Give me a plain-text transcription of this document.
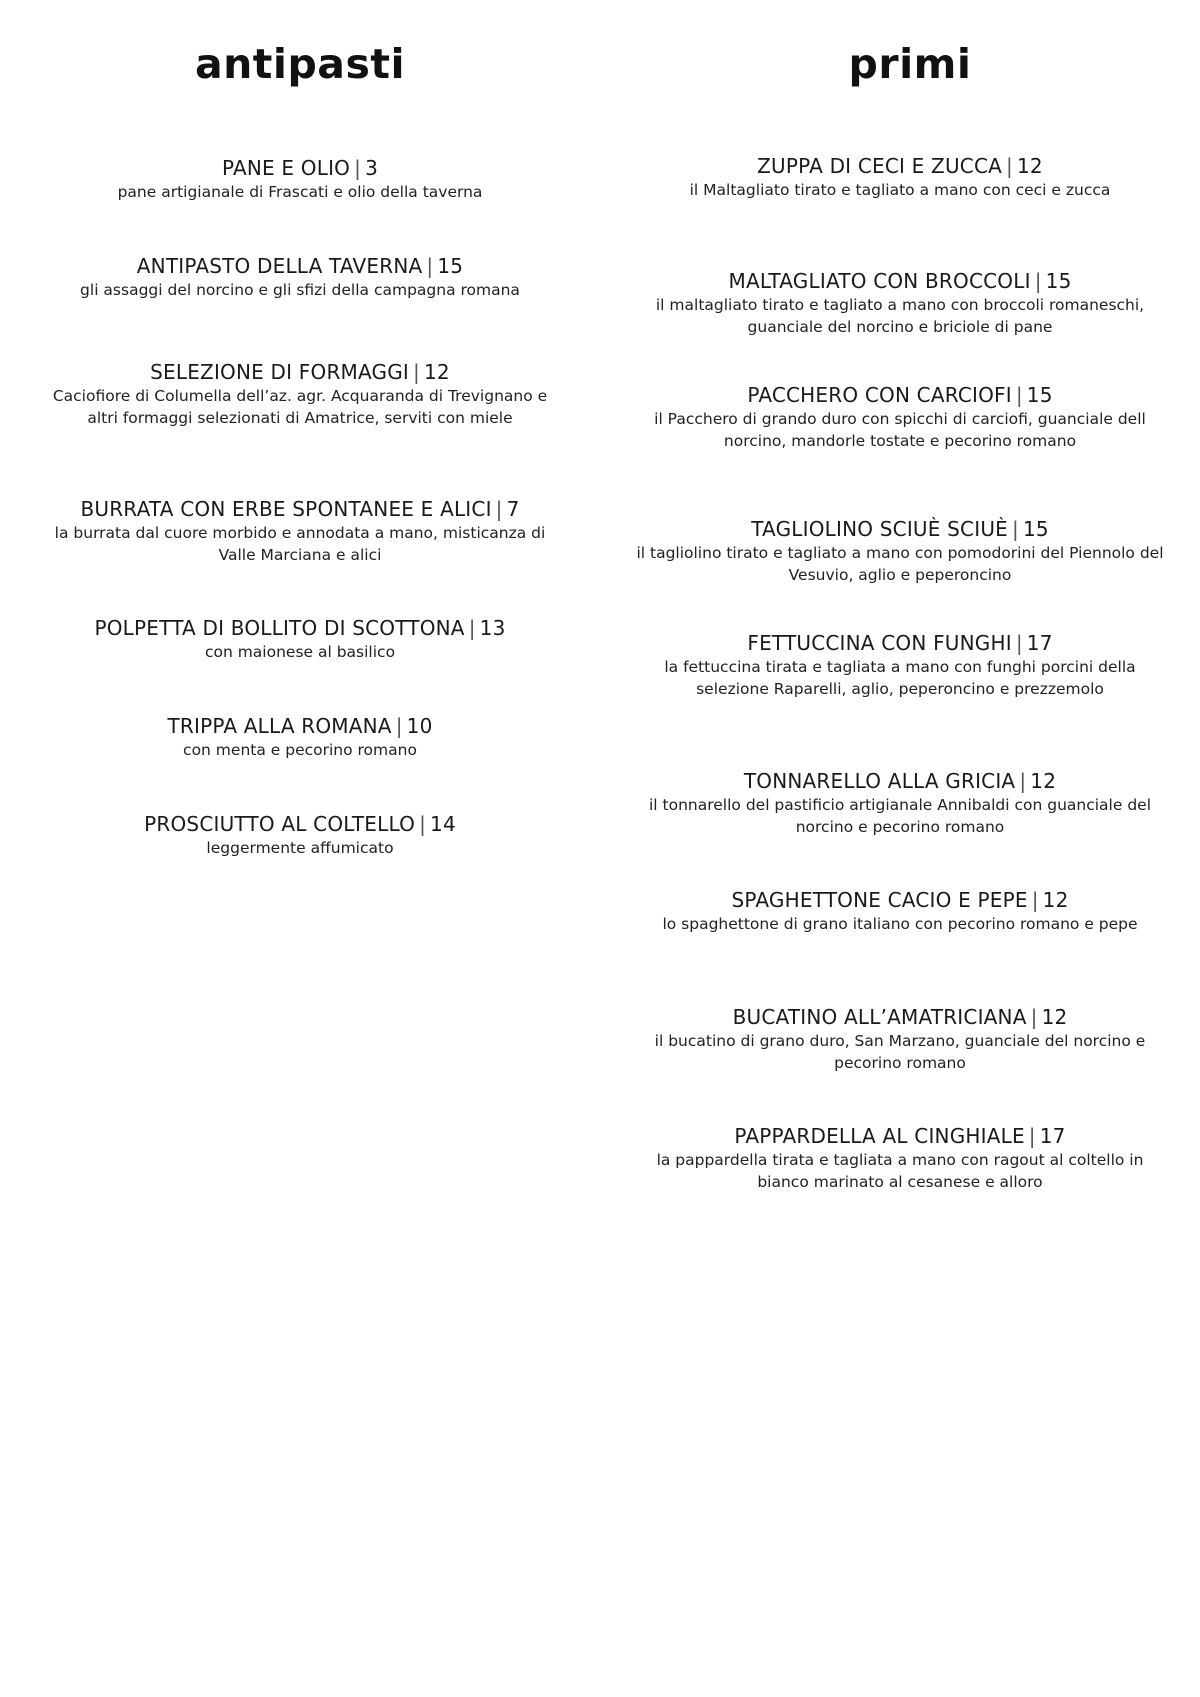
antipasti	primi
PANE E OLIO | 3
pane artigianale di Frascati e olio della taverna
ANTIPASTO DELLA TAVERNA | 15
gli assaggi del norcino e gli sfizi della campagna romana
SELEZIONE DI FORMAGGI | 12
Caciofiore di Columella dell’az. agr. Acquaranda di Trevignano e altri formaggi selezionati di Amatrice, serviti con miele
BURRATA CON ERBE SPONTANEE E ALICI | 7
la burrata dal cuore morbido e annodata a mano, misticanza di Valle Marciana e alici
POLPETTA DI BOLLITO DI SCOTTONA | 13
con maionese al basilico
TRIPPA ALLA ROMANA | 10
con menta e pecorino romano
PROSCIUTTO AL COLTELLO | 14
leggermente affumicato
ZUPPA DI CECI E ZUCCA | 12
il Maltagliato tirato e tagliato a mano con ceci e zucca
MALTAGLIATO CON BROCCOLI | 15
il maltagliato tirato e tagliato a mano con broccoli romaneschi, guanciale del norcino e briciole di pane
PACCHERO CON CARCIOFI | 15
il Pacchero di grando duro con spicchi di carciofi, guanciale dell norcino, mandorle tostate e pecorino romano
TAGLIOLINO SCIUÈ SCIUÈ | 15
il tagliolino tirato e tagliato a mano con pomodorini del Piennolo del Vesuvio, aglio e peperoncino
FETTUCCINA CON FUNGHI | 17
la fettuccina tirata e tagliata a mano con funghi porcini della selezione Raparelli, aglio, peperoncino e prezzemolo
TONNARELLO ALLA GRICIA | 12
il tonnarello del pastificio artigianale Annibaldi con guanciale del norcino e pecorino romano
SPAGHETTONE CACIO E PEPE | 12
lo spaghettone di grano italiano con pecorino romano e pepe
BUCATINO ALL’AMATRICIANA | 12
il bucatino di grano duro, San Marzano, guanciale del norcino e pecorino romano
PAPPARDELLA AL CINGHIALE | 17
la pappardella tirata e tagliata a mano con ragout al coltello in bianco marinato al cesanese e alloro
